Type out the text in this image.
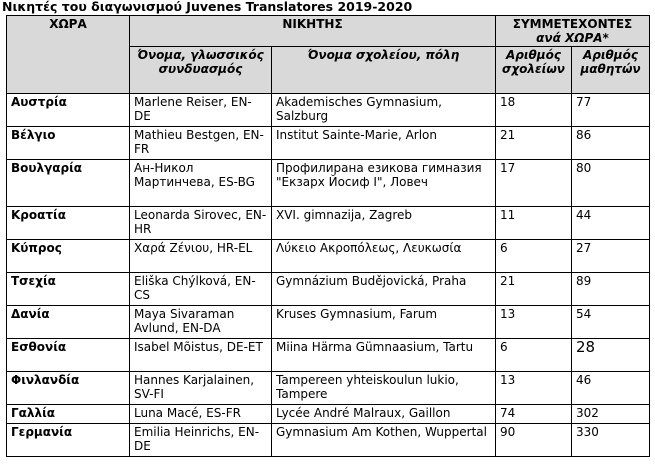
Νικητές του διαγωνισμού Juvenes Translatores 2019-2020
ΧΩΡΑ	ΝΙΚΗΤΗΣ		ΣΥΜΜΕΤΕΧΟΝΤΕΣ
ανά ΧΩΡΑ*	

	Όνομα, γλωσσικός συνδυασμός	Όνομα σχολείου, πόλη	Αριθμός σχολείων	Αριθμός μαθητών
Αυστρία	Marlene Reiser, EN-DE	Akademisches Gymnasium, Salzburg	18	77
Βέλγιο	Mathieu Bestgen, EN-FR	Institut Sainte-Marie, Arlon	21	86
Βουλγαρία	Ан-Никол Мартинчева, ES-BG	Профилирана езикова гимназия "Екзарх Йосиф I", Ловеч	17	80
Κροατία	Leonarda Sirovec, EN-HR	XVI. gimnazija, Zagreb	11	44
Κύπρος	Χαρά Ζένιου, HR-EL	Λύκειο Ακροπόλεως, Λευκωσία	6	27
Τσεχία	Eliška Chýlková, EN-CS	Gymnázium Budějovická, Praha	21	89
Δανία	Maya Sivaraman Avlund, EN-DA	Kruses Gymnasium, Farum	13	54
Εσθονία	Isabel Mõistus, DE-ET	Miina Härma Gümnaasium, Tartu	6	28
Φινλανδία	Hannes Karjalainen, SV-FI	Tampereen yhteiskoulun lukio, Tampere	13	46
Γαλλία	Luna Macé, ES-FR	Lycée André Malraux, Gaillon	74	302
Γερμανία	Emilia Heinrichs, EN-DE	Gymnasium Am Kothen, Wuppertal	90	330
